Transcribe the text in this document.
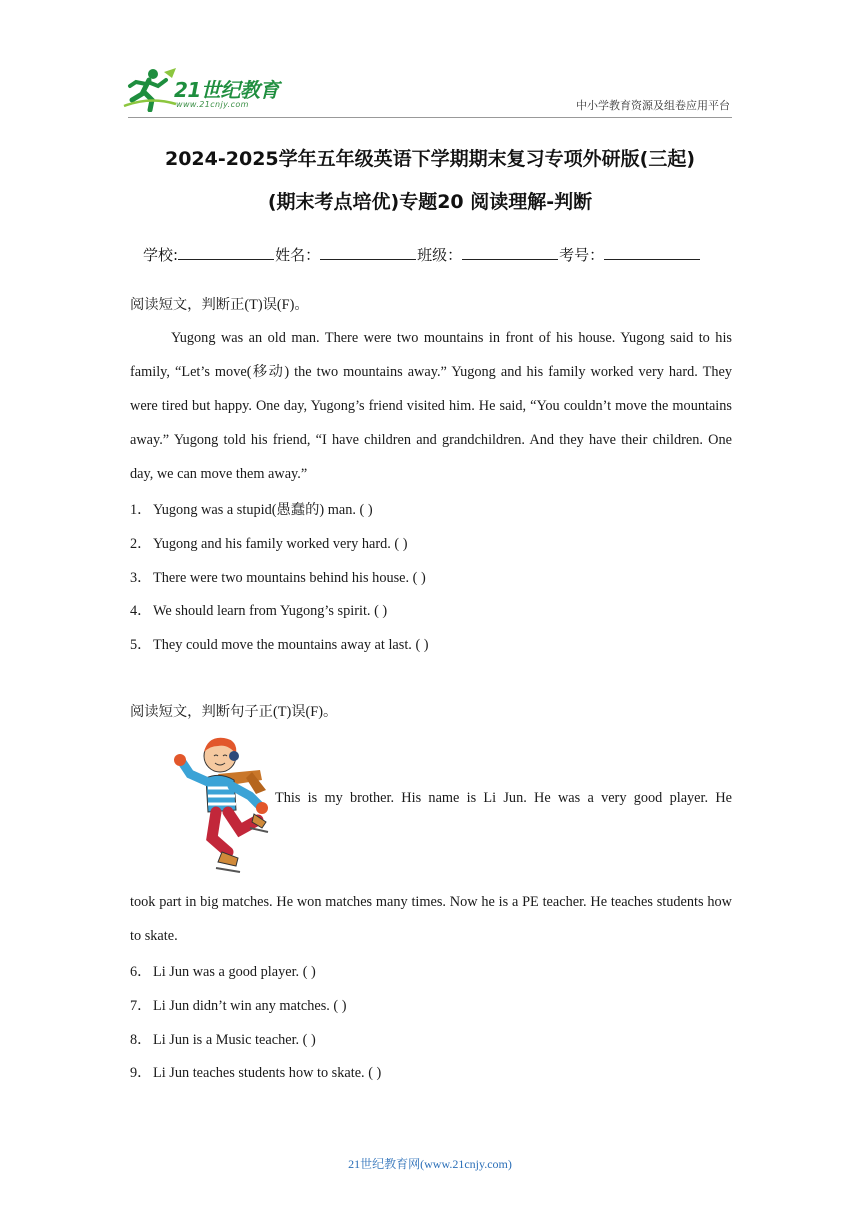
21世纪教育
www.21cnjy.com	中小学教育资源及组卷应用平台
2024-2025学年五年级英语下学期期末复习专项外研版(三起)
(期末考点培优)专题20 阅读理解-判断
学校:	姓名：	班级：	考号：
阅读短文，判断正(T)误(F)。
Yugong was an old man. There were two mountains in front of his house. Yugong said to his family, “Let’s move(移动) the two mountains away.” Yugong and his family worked very hard. They were tired but happy. One day, Yugong’s friend visited him. He said, “You couldn’t move the mountains away.” Yugong told his friend, “I have children and grandchildren. And they have their children. One day, we can move them away.”
1． Yugong was a stupid(愚蠢的) man. ( )
2． Yugong and his family worked very hard. ( )
3． There were two mountains behind his house. ( )
4． We should learn from Yugong’s spirit. ( )
5． They could move the mountains away at last. ( )
阅读短文，判断句子正(T)误(F)。
This is my brother. His name is Li Jun. He was a very good player. He
took part in big matches. He won matches many times. Now he is a PE teacher. He teaches students how to skate.
6． Li Jun was a good player. ( )
7． Li Jun didn’t win any matches. ( )
8． Li Jun is a Music teacher. ( )
9． Li Jun teaches students how to skate. ( )
21世纪教育网(www.21cnjy.com)
